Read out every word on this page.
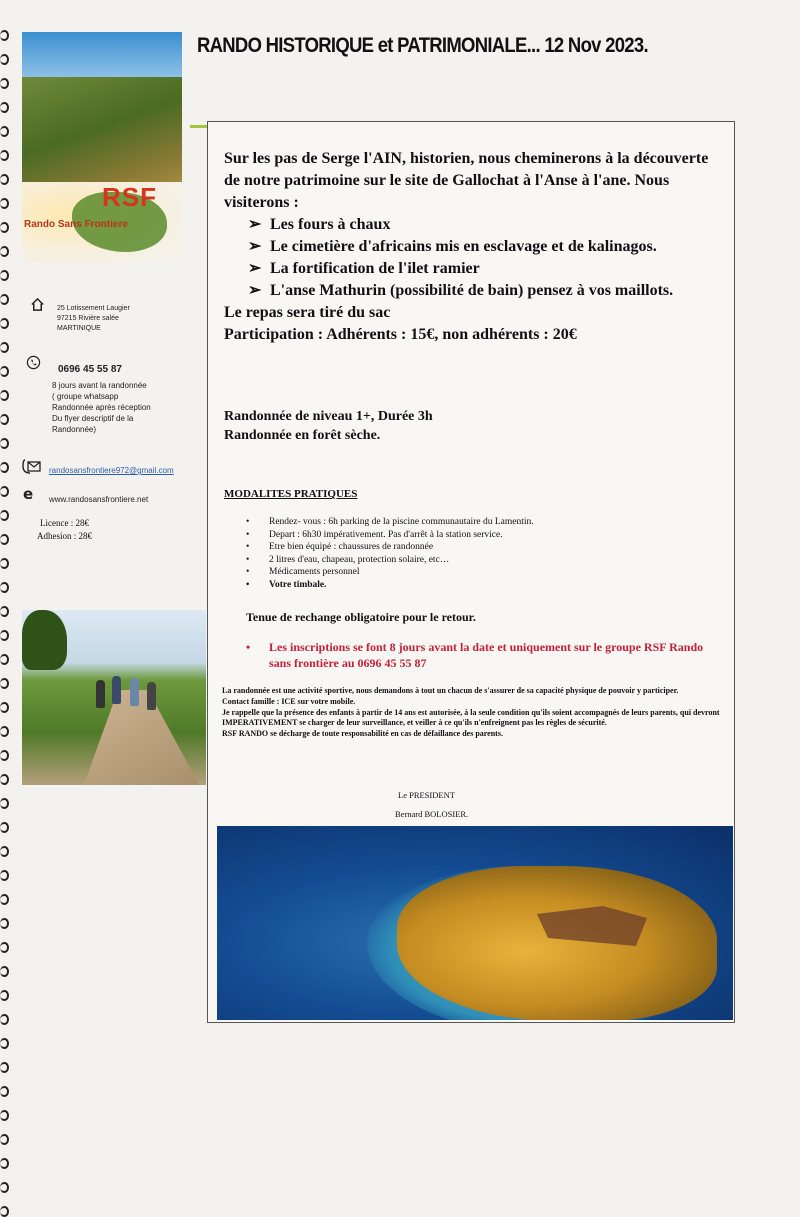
RSF
Rando Sans Frontiere
RANDO HISTORIQUE et PATRIMONIALE... 12 Nov 2023.
25 Lotissement Laugier
97215 Rivière salée
MARTINIQUE
0696 45 55 87
8 jours avant la randonnée
( groupe whatsapp
Randonnée après réception
Du flyer descriptif de la
Randonnée)
randosansfrontiere972@gmail.com
e www.randosansfrontiere.net
Licence : 28€
Adhesion : 28€

Sur les pas de Serge l'AIN, historien, nous cheminerons à la découverte de notre patrimoine sur le site de Gallochat à l'Anse à l'ane. Nous visiterons :

➢ Les fours à chaux
➢ Le cimetière d'africains mis en esclavage et de kalinagos.
➢ La fortification de l'ilet ramier
➢ L'anse Mathurin (possibilité de bain) pensez à vos maillots.

Le repas sera tiré du sac

Participation : Adhérents : 15€, non adhérents : 20€

Randonnée de niveau 1+, Durée 3h
Randonnée en forêt sèche.
MODALITES PRATIQUES
• Rendez- vous : 6h parking de la piscine communautaire du Lamentin.
• Depart : 6h30 impérativement. Pas d'arrêt à la station service.
• Etre bien équipé : chaussures de randonnée
• 2 litres d'eau, chapeau, protection solaire, etc…
• Médicaments personnel
• Votre timbale.
Tenue de rechange obligatoire pour le retour.
•	Les inscriptions se font 8 jours avant la date et uniquement sur le groupe RSF Rando sans frontière au 0696 45 55 87

La randonnée est une activité sportive, nous demandons à tout un chacun de s'assurer de sa capacité physique de pouvoir y participer.

Contact famille : ICE sur votre mobile.

Je rappelle que la présence des enfants à partir de 14 ans est autorisée, à la seule condition qu'ils soient accompagnés de leurs parents, qui devront IMPERATIVEMENT se charger de leur surveillance, et veiller à ce qu'ils n'enfreignent pas les règles de sécurité.

RSF RANDO se décharge de toute responsabilité en cas de défaillance des parents.

Le PRESIDENT
Bernard BOLOSIER.
